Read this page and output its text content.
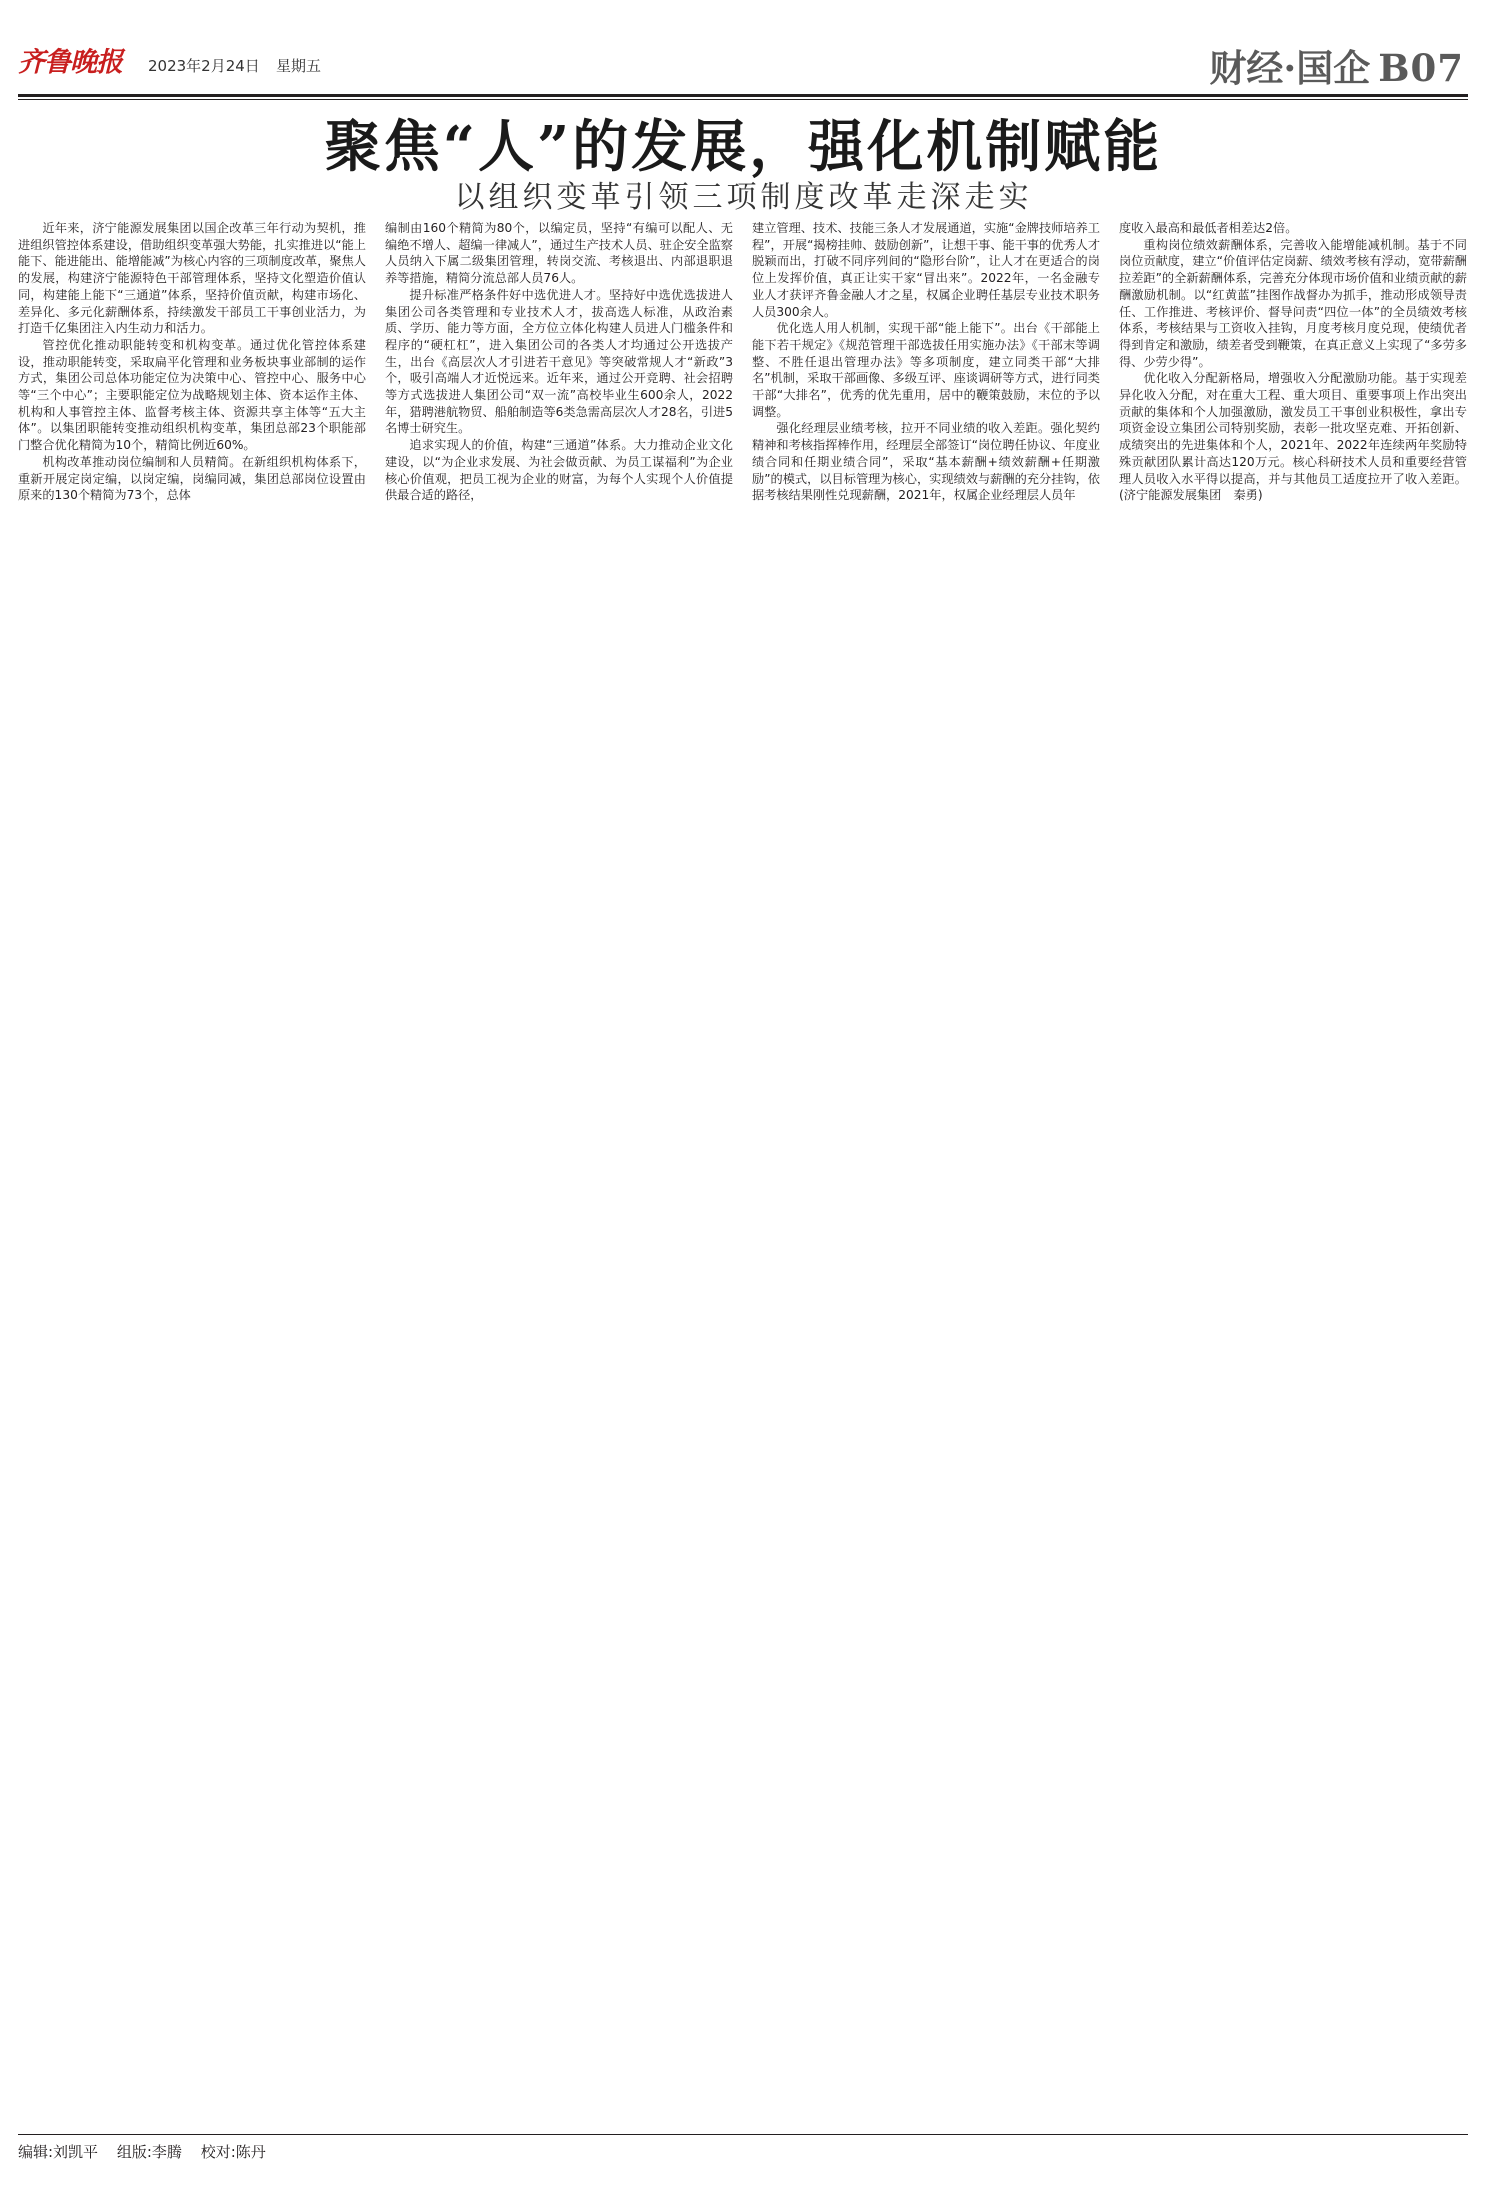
齐鲁晚报 2023年2月24日 星期五	财经·国企 B07
聚焦“人”的发展，强化机制赋能
以组织变革引领三项制度改革走深走实

近年来，济宁能源发展集团以国企改革三年行动为契机，推进组织管控体系建设，借助组织变革强大势能，扎实推进以“能上能下、能进能出、能增能减”为核心内容的三项制度改革，聚焦人的发展，构建济宁能源特色干部管理体系，坚持文化塑造价值认同，构建能上能下“三通道”体系，坚持价值贡献，构建市场化、差异化、多元化薪酬体系，持续激发干部员工干事创业活力，为打造千亿集团注入内生动力和活力。

管控优化推动职能转变和机构变革。通过优化管控体系建设，推动职能转变，采取扁平化管理和业务板块事业部制的运作方式，集团公司总体功能定位为决策中心、管控中心、服务中心等“三个中心”；主要职能定位为战略规划主体、资本运作主体、机构和人事管控主体、监督考核主体、资源共享主体等“五大主体”。以集团职能转变推动组织机构变革，集团总部23个职能部门整合优化精简为10个，精简比例近60%。

机构改革推动岗位编制和人员精简。在新组织机构体系下，重新开展定岗定编，以岗定编，岗编同减，集团总部岗位设置由原来的130个精简为73个，总体

编制由160个精简为80个，以编定员，坚持“有编可以配人、无编绝不增人、超编一律减人”，通过生产技术人员、驻企安全监察人员纳入下属二级集团管理，转岗交流、考核退出、内部退职退养等措施，精简分流总部人员76人。

提升标准严格条件好中选优进人才。坚持好中选优选拔进人集团公司各类管理和专业技术人才，拔高选人标准，从政治素质、学历、能力等方面，全方位立体化构建人员进人门槛条件和程序的“硬杠杠”，进入集团公司的各类人才均通过公开选拔产生，出台《高层次人才引进若干意见》等突破常规人才“新政”3个，吸引高端人才近悦远来。近年来，通过公开竞聘、社会招聘等方式选拔进人集团公司“双一流”高校毕业生600余人，2022年，猎聘港航物贸、船舶制造等6类急需高层次人才28名，引进5名博士研究生。

追求实现人的价值，构建“三通道”体系。大力推动企业文化建设，以“为企业求发展、为社会做贡献、为员工谋福利”为企业核心价值观，把员工视为企业的财富，为每个人实现个人价值提供最合适的路径，

建立管理、技术、技能三条人才发展通道，实施“金牌技师培养工程”，开展“揭榜挂帅、鼓励创新”，让想干事、能干事的优秀人才脱颖而出，打破不同序列间的“隐形台阶”，让人才在更适合的岗位上发挥价值，真正让实干家“冒出来”。2022年，一名金融专业人才获评齐鲁金融人才之星，权属企业聘任基层专业技术职务人员300余人。

优化选人用人机制，实现干部“能上能下”。出台《干部能上能下若干规定》《规范管理干部选拔任用实施办法》《干部末等调整、不胜任退出管理办法》等多项制度，建立同类干部“大排名”机制，采取干部画像、多级互评、座谈调研等方式，进行同类干部“大排名”，优秀的优先重用，居中的鞭策鼓励，末位的予以调整。

强化经理层业绩考核，拉开不同业绩的收入差距。强化契约精神和考核指挥棒作用，经理层全部签订“岗位聘任协议、年度业绩合同和任期业绩合同”，采取“基本薪酬+绩效薪酬+任期激励”的模式，以目标管理为核心，实现绩效与薪酬的充分挂钩，依据考核结果刚性兑现薪酬，2021年，权属企业经理层人员年

度收入最高和最低者相差达2倍。

重构岗位绩效薪酬体系，完善收入能增能减机制。基于不同岗位贡献度，建立“价值评估定岗薪、绩效考核有浮动，宽带薪酬拉差距”的全新薪酬体系，完善充分体现市场价值和业绩贡献的薪酬激励机制。以“红黄蓝”挂图作战督办为抓手，推动形成领导责任、工作推进、考核评价、督导问责“四位一体”的全员绩效考核体系，考核结果与工资收入挂钩，月度考核月度兑现，使绩优者得到肯定和激励，绩差者受到鞭策，在真正意义上实现了“多劳多得、少劳少得”。

优化收入分配新格局，增强收入分配激励功能。基于实现差异化收入分配，对在重大工程、重大项目、重要事项上作出突出贡献的集体和个人加强激励，激发员工干事创业积极性，拿出专项资金设立集团公司特别奖励，表彰一批攻坚克难、开拓创新、成绩突出的先进集体和个人，2021年、2022年连续两年奖励特殊贡献团队累计高达120万元。核心科研技术人员和重要经营管理人员收入水平得以提高，并与其他员工适度拉开了收入差距。(济宁能源发展集团　秦勇)

编辑:刘凯平 组版:李腾 校对:陈丹
